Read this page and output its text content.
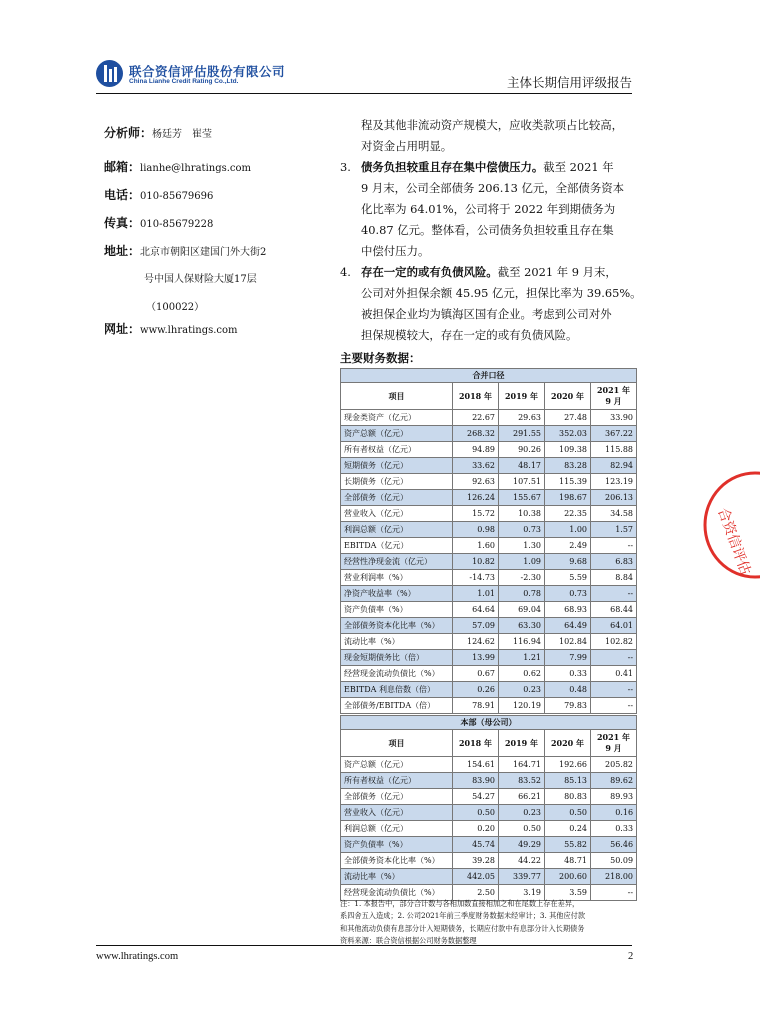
联合资信评估股份有限公司
China Lianhe Credit Rating Co.,Ltd.	主体长期信用评级报告
分析师：杨廷芳　崔莹
邮箱：lianhe@lhratings.com
电话：010-85679696
传真：010-85679228
地址：北京市朝阳区建国门外大街2
号中国人保财险大厦17层
（100022）
网址：www.lhratings.com
程及其他非流动资产规模大，应收类款项占比较高，
对资金占用明显。
3. 债务负担较重且存在集中偿债压力。截至 2021 年
9 月末，公司全部债务 206.13 亿元，全部债务资本
化比率为 64.01%，公司将于 2022 年到期债务为
40.87 亿元。整体看，公司债务负担较重且存在集
中偿付压力。
4. 存在一定的或有负债风险。截至 2021 年 9 月末，
公司对外担保余额 45.95 亿元，担保比率为 39.65%。
被担保企业均为镇海区国有企业。考虑到公司对外
担保规模较大，存在一定的或有负债风险。
主要财务数据：
合并口径				
项目	2018 年	2019 年	2020 年	2021 年
9 月

现金类资产（亿元）	22.67	29.63	27.48	33.90
资产总额（亿元）	268.32	291.55	352.03	367.22
所有者权益（亿元）	94.89	90.26	109.38	115.88
短期债务（亿元）	33.62	48.17	83.28	82.94
长期债务（亿元）	92.63	107.51	115.39	123.19
全部债务（亿元）	126.24	155.67	198.67	206.13
营业收入（亿元）	15.72	10.38	22.35	34.58
利润总额（亿元）	0.98	0.73	1.00	1.57
EBITDA（亿元）	1.60	1.30	2.49	--
经营性净现金流（亿元）	10.82	1.09	9.68	6.83
营业利润率（%）	-14.73	-2.30	5.59	8.84
净资产收益率（%）	1.01	0.78	0.73	--
资产负债率（%）	64.64	69.04	68.93	68.44
全部债务资本化比率（%）	57.09	63.30	64.49	64.01
流动比率（%）	124.62	116.94	102.84	102.82
现金短期债务比（倍）	13.99	1.21	7.99	--
经营现金流动负债比（%）	0.67	0.62	0.33	0.41
EBITDA 利息倍数（倍）	0.26	0.23	0.48	--
全部债务/EBITDA（倍）	78.91	120.19	79.83	--
本部（母公司）				
项目	2018 年	2019 年	2020 年	2021 年
9 月

资产总额（亿元）	154.61	164.71	192.66	205.82
所有者权益（亿元）	83.90	83.52	85.13	89.62
全部债务（亿元）	54.27	66.21	80.83	89.93
营业收入（亿元）	0.50	0.23	0.50	0.16
利润总额（亿元）	0.20	0.50	0.24	0.33
资产负债率（%）	45.74	49.29	55.82	56.46
全部债务资本化比率（%）	39.28	44.22	48.71	50.09
流动比率（%）	442.05	339.77	200.60	218.00
经营现金流动负债比（%）	2.50	3.19	3.59	--
注：1. 本报告中，部分合计数与各相加数直接相加之和在尾数上存在差异，
系四舍五入造成；2. 公司2021年前三季度财务数据未经审计；3. 其他应付款
和其他流动负债有息部分计入短期债务，长期应付款中有息部分计入长期债务
资料来源：联合资信根据公司财务数据整理
合资信评估
www.lhratings.com	2
